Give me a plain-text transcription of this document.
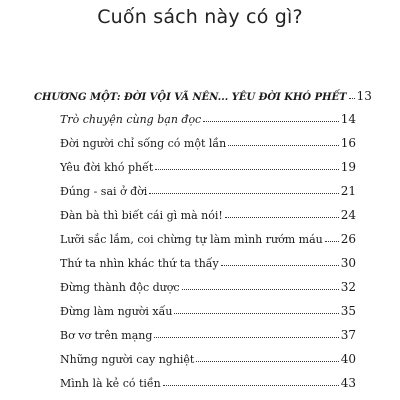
Cuốn sách này có gì?
CHƯƠNG MỘT: ĐỜI VỘI VÃ NÊN... YÊU ĐỜI KHÓ PHẾT 13
Trò chuyện cùng bạn đọc	14
Đời người chỉ sống có một lần	16
Yêu đời khó phết	19
Đúng - sai ở đời	21
Đàn bà thì biết cái gì mà nói!	24
Lưỡi sắc lắm, coi chừng tự làm mình rướm máu 26
Thứ ta nhìn khác thứ ta thấy	30
Đừng thành độc dược	32
Đừng làm người xấu	35
Bơ vơ trên mạng	37
Những người cay nghiệt	40
Mình là kẻ có tiền	43
